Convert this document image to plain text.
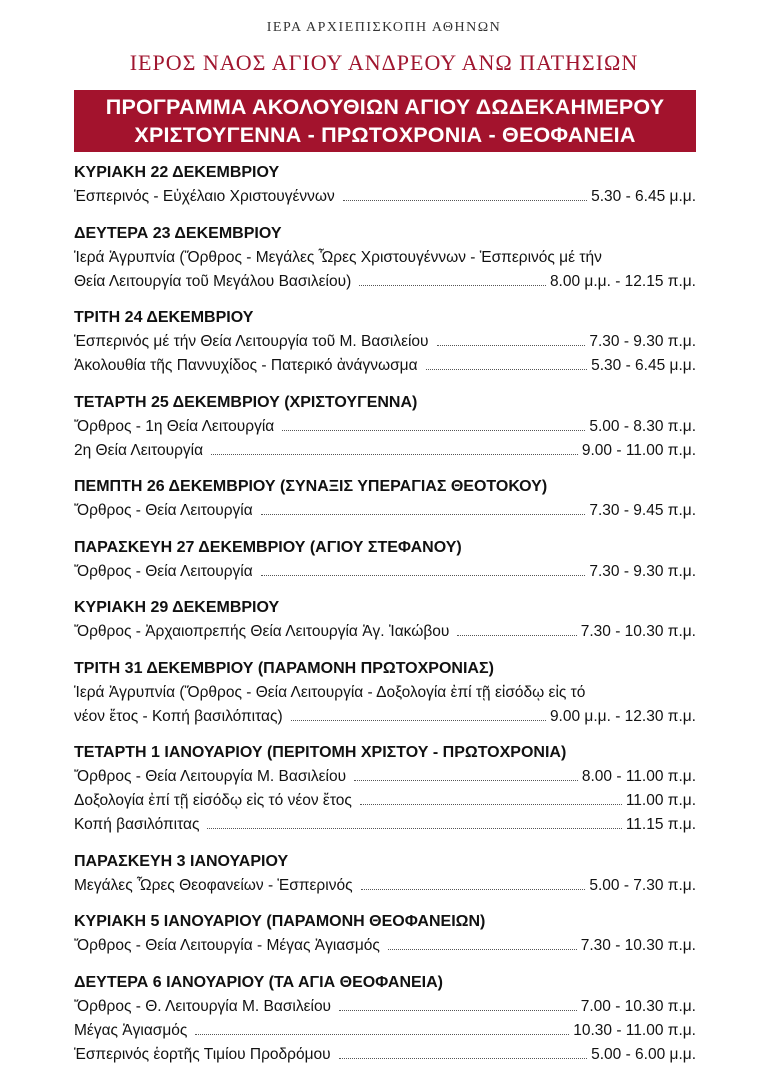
ΙΕΡΑ ΑΡΧΙΕΠΙΣΚΟΠΗ ΑΘΗΝΩΝ
ΙΕΡΟΣ ΝΑΟΣ ΑΓΙΟΥ ΑΝΔΡΕΟΥ ΑΝΩ ΠΑΤΗΣΙΩΝ
ΠΡΟΓΡΑΜΜΑ ΑΚΟΛΟΥΘΙΩΝ ΑΓΙΟΥ ΔΩΔΕΚΑΗΜΕΡΟΥ
ΧΡΙΣΤΟΥΓΕΝΝΑ - ΠΡΩΤΟΧΡΟΝΙΑ - ΘΕΟΦΑΝΕΙΑ
ΚΥΡΙΑΚΗ 22 ΔΕΚΕΜΒΡΙΟΥ
Ἑσπερινός - Εὐχέλαιο Χριστουγέννων	5.30 - 6.45 μ.μ.
ΔΕΥΤΕΡΑ 23 ΔΕΚΕΜΒΡΙΟΥ
Ἱερά Ἀγρυπνία (Ὄρθρος - Μεγάλες Ὧρες Χριστουγέννων - Ἑσπερινός μέ τήν
Θεία Λειτουργία τοῦ Μεγάλου Βασιλείου)	8.00 μ.μ. - 12.15 π.μ.
ΤΡΙΤΗ 24 ΔΕΚΕΜΒΡΙΟΥ
Ἑσπερινός μέ τήν Θεία Λειτουργία τοῦ Μ. Βασιλείου	7.30 - 9.30 π.μ.
Ἀκολουθία τῆς Παννυχίδος - Πατερικό ἀνάγνωσμα	5.30 - 6.45 μ.μ.
ΤΕΤΑΡΤΗ 25 ΔΕΚΕΜΒΡΙΟΥ (ΧΡΙΣΤΟΥΓΕΝΝΑ)
Ὄρθρος - 1η Θεία Λειτουργία	5.00 - 8.30 π.μ.
2η Θεία Λειτουργία	9.00 - 11.00 π.μ.
ΠΕΜΠΤΗ 26 ΔΕΚΕΜΒΡΙΟΥ (ΣΥΝΑΞΙΣ ΥΠΕΡΑΓΙΑΣ ΘΕΟΤΟΚΟΥ)
Ὄρθρος - Θεία Λειτουργία	7.30 - 9.45 π.μ.
ΠΑΡΑΣΚΕΥΗ 27 ΔΕΚΕΜΒΡΙΟΥ (ΑΓΙΟΥ ΣΤΕΦΑΝΟΥ)
Ὄρθρος - Θεία Λειτουργία	7.30 - 9.30 π.μ.
ΚΥΡΙΑΚΗ 29 ΔΕΚΕΜΒΡΙΟΥ
Ὄρθρος - Ἀρχαιοπρεπής Θεία Λειτουργία Ἁγ. Ἰακώβου	7.30 - 10.30 π.μ.
ΤΡΙΤΗ 31 ΔΕΚΕΜΒΡΙΟΥ (ΠΑΡΑΜΟΝΗ ΠΡΩΤΟΧΡΟΝΙΑΣ)
Ἱερά Ἀγρυπνία (Ὄρθρος - Θεία Λειτουργία - Δοξολογία ἐπί τῇ εἰσόδῳ εἰς τό
νέον ἔτος - Κοπή βασιλόπιτας)	9.00 μ.μ. - 12.30 π.μ.
ΤΕΤΑΡΤΗ 1 ΙΑΝΟΥΑΡΙΟΥ (ΠΕΡΙΤΟΜΗ ΧΡΙΣΤΟΥ - ΠΡΩΤΟΧΡΟΝΙΑ)
Ὄρθρος - Θεία Λειτουργία Μ. Βασιλείου	8.00 - 11.00 π.μ.
Δοξολογία ἐπί τῇ εἰσόδῳ εἰς τό νέον ἔτος	11.00 π.μ.
Κοπή βασιλόπιτας	11.15 π.μ.
ΠΑΡΑΣΚΕΥΗ 3 ΙΑΝΟΥΑΡΙΟΥ
Μεγάλες Ὧρες Θεοφανείων - Ἑσπερινός	5.00 - 7.30 π.μ.
ΚΥΡΙΑΚΗ 5 ΙΑΝΟΥΑΡΙΟΥ (ΠΑΡΑΜΟΝΗ ΘΕΟΦΑΝΕΙΩΝ)
Ὄρθρος - Θεία Λειτουργία - Μέγας Ἁγιασμός	7.30 - 10.30 π.μ.
ΔΕΥΤΕΡΑ 6 ΙΑΝΟΥΑΡΙΟΥ (ΤΑ ΑΓΙΑ ΘΕΟΦΑΝΕΙΑ)
Ὄρθρος - Θ. Λειτουργία Μ. Βασιλείου	7.00 - 10.30 π.μ.
Μέγας Ἁγιασμός	10.30 - 11.00 π.μ.
Ἑσπερινός ἑορτῆς Τιμίου Προδρόμου	5.00 - 6.00 μ.μ.
